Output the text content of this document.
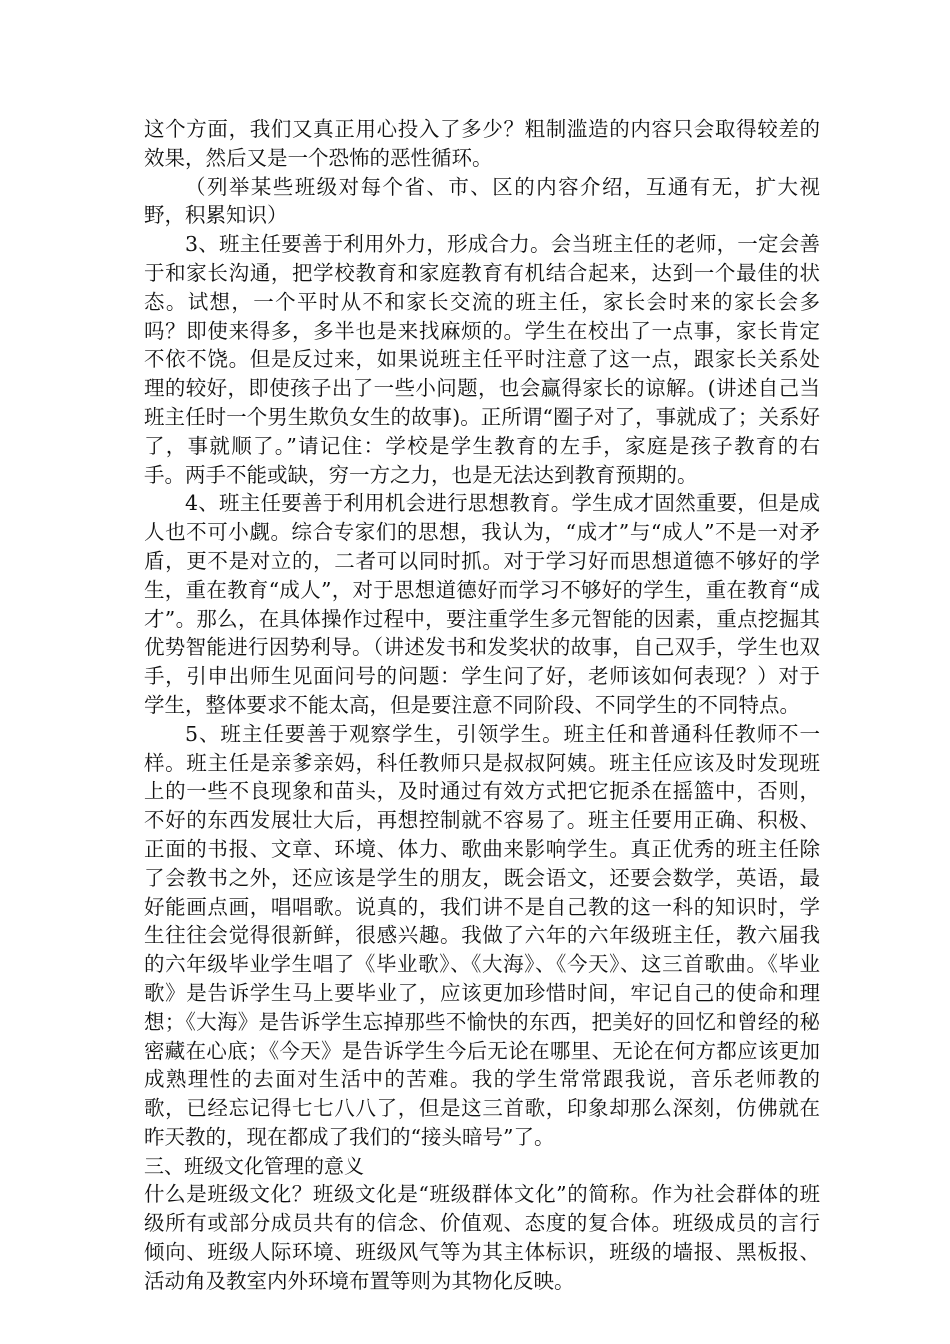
这个方面，我们又真正用心投入了多少？粗制滥造的内容只会取得较差的效果，然后又是一个恐怖的恶性循环。

（列举某些班级对每个省、市、区的内容介绍，互通有无，扩大视野，积累知识）

3、班主任要善于利用外力，形成合力。会当班主任的老师，一定会善于和家长沟通，把学校教育和家庭教育有机结合起来，达到一个最佳的状态。试想，一个平时从不和家长交流的班主任，家长会时来的家长会多吗？即使来得多，多半也是来找麻烦的。学生在校出了一点事，家长肯定不依不饶。但是反过来，如果说班主任平时注意了这一点，跟家长关系处理的较好，即使孩子出了一些小问题，也会赢得家长的谅解。(讲述自己当班主任时一个男生欺负女生的故事)。正所谓“圈子对了，事就成了；关系好了，事就顺了。”请记住：学校是学生教育的左手，家庭是孩子教育的右手。两手不能或缺，穷一方之力，也是无法达到教育预期的。

4、班主任要善于利用机会进行思想教育。学生成才固然重要，但是成人也不可小觑。综合专家们的思想，我认为，“成才”与“成人”不是一对矛盾，更不是对立的，二者可以同时抓。对于学习好而思想道德不够好的学生，重在教育“成人”，对于思想道德好而学习不够好的学生，重在教育“成才”。那么，在具体操作过程中，要注重学生多元智能的因素，重点挖掘其优势智能进行因势利导。（讲述发书和发奖状的故事，自己双手，学生也双手，引申出师生见面问号的问题：学生问了好，老师该如何表现？）对于学生，整体要求不能太高，但是要注意不同阶段、不同学生的不同特点。

5、班主任要善于观察学生，引领学生。班主任和普通科任教师不一样。班主任是亲爹亲妈，科任教师只是叔叔阿姨。班主任应该及时发现班上的一些不良现象和苗头，及时通过有效方式把它扼杀在摇篮中，否则，不好的东西发展壮大后，再想控制就不容易了。班主任要用正确、积极、正面的书报、文章、环境、体力、歌曲来影响学生。真正优秀的班主任除了会教书之外，还应该是学生的朋友，既会语文，还要会数学，英语，最好能画点画，唱唱歌。说真的，我们讲不是自己教的这一科的知识时，学生往往会觉得很新鲜，很感兴趣。我做了六年的六年级班主任，教六届我的六年级毕业学生唱了《毕业歌》、《大海》、《今天》、这三首歌曲。《毕业歌》是告诉学生马上要毕业了，应该更加珍惜时间，牢记自己的使命和理想；《大海》是告诉学生忘掉那些不愉快的东西，把美好的回忆和曾经的秘密藏在心底；《今天》是告诉学生今后无论在哪里、无论在何方都应该更加成熟理性的去面对生活中的苦难。我的学生常常跟我说，音乐老师教的歌，已经忘记得七七八八了，但是这三首歌，印象却那么深刻，仿佛就在昨天教的，现在都成了我们的“接头暗号”了。

三、班级文化管理的意义

什么是班级文化？班级文化是“班级群体文化”的简称。作为社会群体的班级所有或部分成员共有的信念、价值观、态度的复合体。班级成员的言行倾向、班级人际环境、班级风气等为其主体标识，班级的墙报、黑板报、活动角及教室内外环境布置等则为其物化反映。
